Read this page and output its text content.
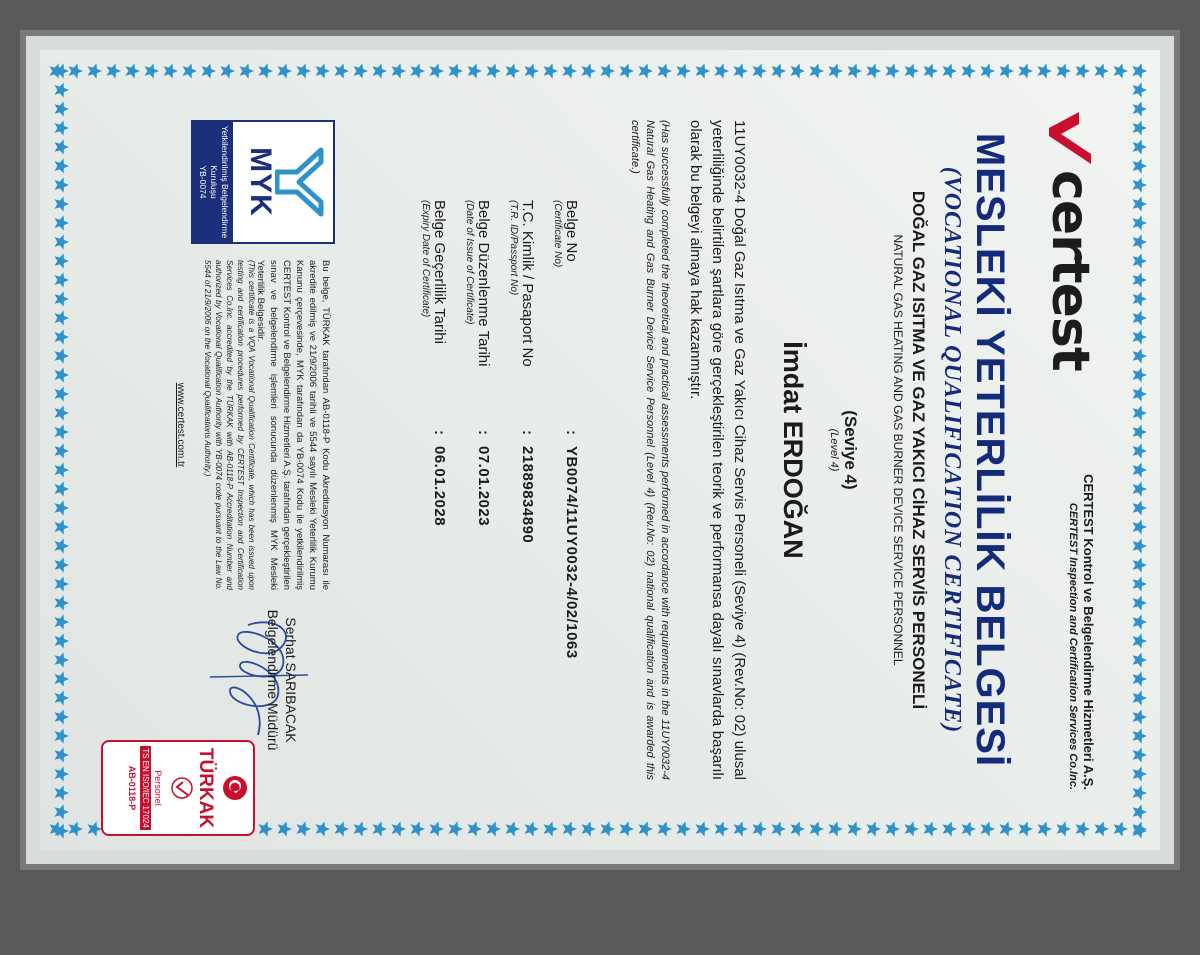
certest
CERTEST Kontrol ve Belgelendirme Hizmetleri A.Ş.
CERTEST Inspection and Certification Services Co.Inc.
MESLEKİ YETERLİLİK BELGESİ
(VOCATIONAL QUALIFICATION CERTIFICATE)
DOĞAL GAZ ISITMA VE GAZ YAKICI CİHAZ SERVİS PERSONELİ
NATURAL GAS HEATING AND GAS BURNER DEVICE SERVICE PERSONNEL
(Seviye 4)
(Level 4)
İmdat ERDOĞAN
11UY0032-4 Doğal Gaz Isıtma ve Gaz Yakıcı Cihaz Servis Personeli (Seviye 4) (Rev.No: 02) ulusal yeterliliğinde belirtilen şartlara göre gerçekleştirilen teorik ve performansa dayalı sınavlarda başarılı olarak bu belgeyi almaya hak kazanmıştır.
(Has successfully completed the theoretical and practical assessments performed in accordance with requirements in the 11UY0032-4 Natural Gas Heating and Gas Burner Device Service Personnel (Level 4) (Rev.No: 02) national qualification and is awarded this certificate.)
Belge No
(Certificate No)
:
YB0074/11UY0032-4/02/1063
T.C. Kimlik / Pasaport No
(T.R. ID/Passport No)
:
21889834890
Belge Düzenlenme Tarihi
(Date of Issue of Certificate)
:
07.01.2023
Belge Geçerlilik Tarihi
(Expiry Date of Certificate)
:
06.01.2028
MYK
Yetkilendirilmiş Belgelendirme Kuruluşu
YB-0074
Bu belge, TÜRKAK tarafından AB-0118-P Kodu Akreditasyon Numarası ile akredite edilmiş ve 21/9/2006 tarihli ve 5544 sayılı Mesleki Yeterlilik Kurumu Kanunu çerçevesinde, MYK tarafından da YB-0074 Kodu ile yetkilendirilmiş CERTEST Kontrol ve Belgelendirme Hizmetleri A.Ş. tarafından gerçekleştirilen sınav ve belgelendirme işlemleri sonucunda düzenlenmiş MYK Mesleki Yeterlilik Belgesidir.
(This certificate is a VQA Vocational Qualification Certificate, which has been issued upon testing and certification procedures performed by CERTEST Inspection and Certification Services Co.Inc. accredited by the TÜRKAK with AB-0118-P Accreditation Number and authorized by Vocational Qualification Authority with YB-0074 code pursuant to the Law No. 5544 of 21/9/2006 on the Vocational Qualifications Authority.)
www.certest.com.tr
Serhat SARIBACAK
Belgelendirme Müdürü
TÜRKAK
Personel
TS EN ISO/IEC 17024
AB-0118-P
